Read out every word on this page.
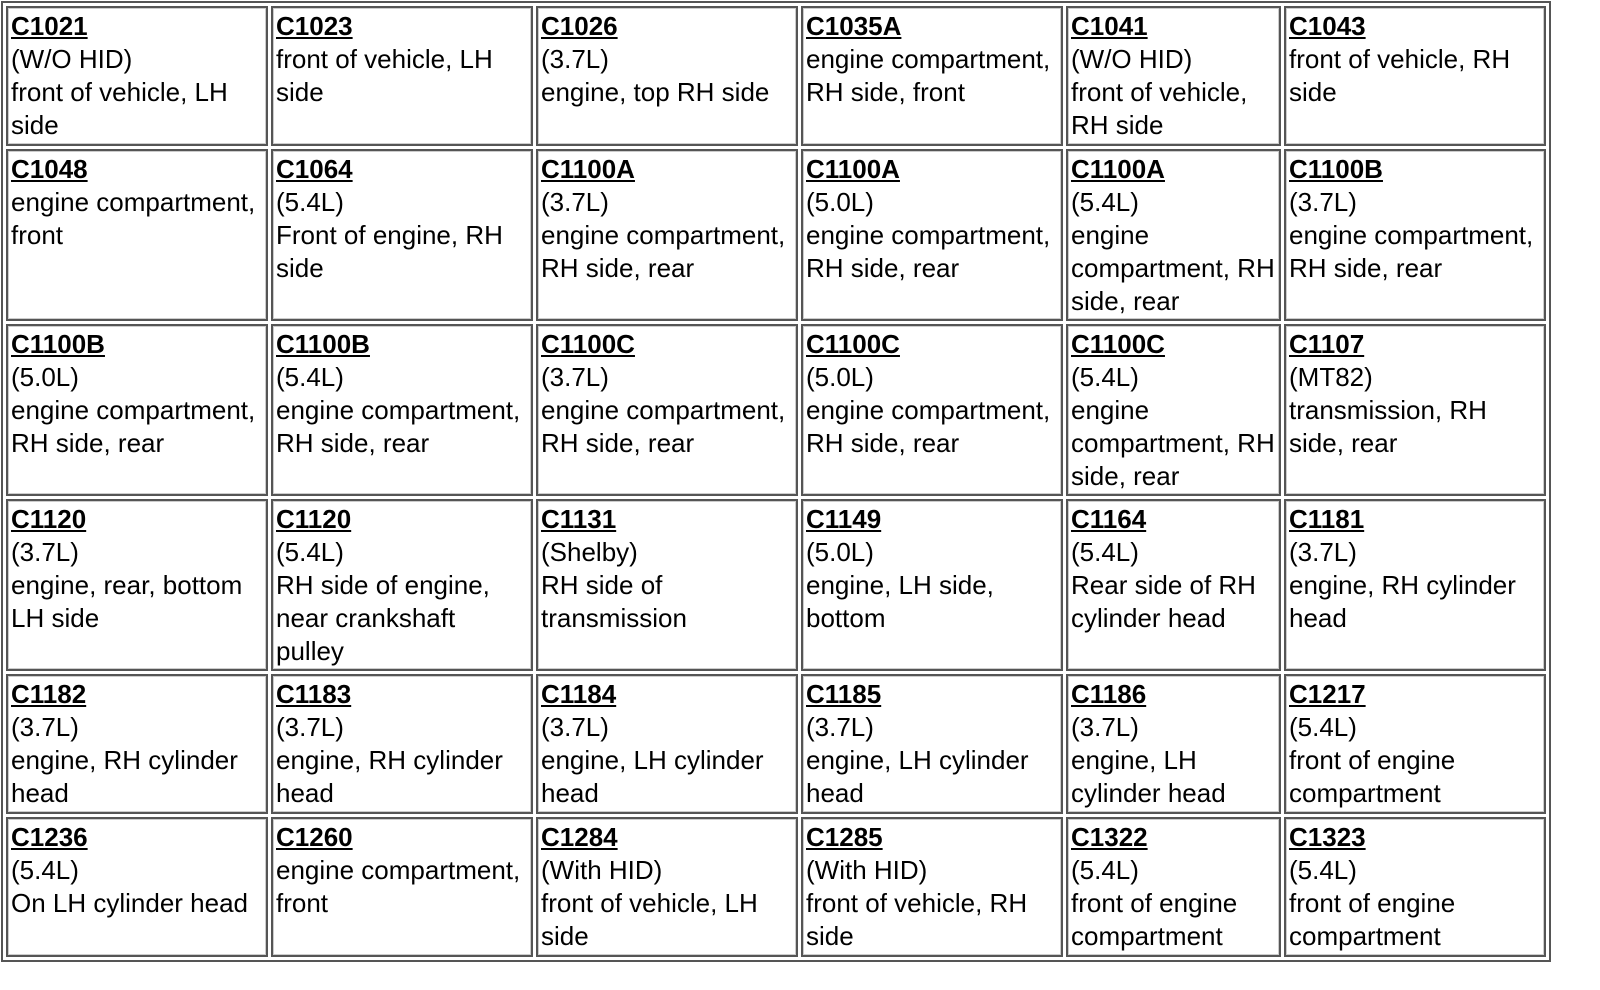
C1021
(W/O HID)
front of vehicle, LH side	C1023
front of vehicle, LH side	C1026
(3.7L)
engine, top RH side	C1035A
engine compartment, RH side, front	C1041
(W/O HID)
front of vehicle, RH side	C1043
front of vehicle, RH side

C1048
engine compartment, front	C1064
(5.4L)
Front of engine, RH side	C1100A
(3.7L)
engine compartment, RH side, rear	C1100A
(5.0L)
engine compartment, RH side, rear	C1100A
(5.4L)
engine compartment, RH side, rear	C1100B
(3.7L)
engine compartment, RH side, rear

C1100B
(5.0L)
engine compartment, RH side, rear	C1100B
(5.4L)
engine compartment, RH side, rear	C1100C
(3.7L)
engine compartment, RH side, rear	C1100C
(5.0L)
engine compartment, RH side, rear	C1100C
(5.4L)
engine compartment, RH side, rear	C1107
(MT82)
transmission, RH side, rear

C1120
(3.7L)
engine, rear, bottom LH side	C1120
(5.4L)
RH side of engine, near crankshaft pulley	C1131
(Shelby)
RH side of transmission	C1149
(5.0L)
engine, LH side, bottom	C1164
(5.4L)
Rear side of RH cylinder head	C1181
(3.7L)
engine, RH cylinder head

C1182
(3.7L)
engine, RH cylinder head	C1183
(3.7L)
engine, RH cylinder head	C1184
(3.7L)
engine, LH cylinder head	C1185
(3.7L)
engine, LH cylinder head	C1186
(3.7L)
engine, LH cylinder head	C1217
(5.4L)
front of engine compartment

C1236
(5.4L)
On LH cylinder head	C1260
engine compartment, front	C1284
(With HID)
front of vehicle, LH side	C1285
(With HID)
front of vehicle, RH side	C1322
(5.4L)
front of engine compartment	C1323
(5.4L)
front of engine compartment
